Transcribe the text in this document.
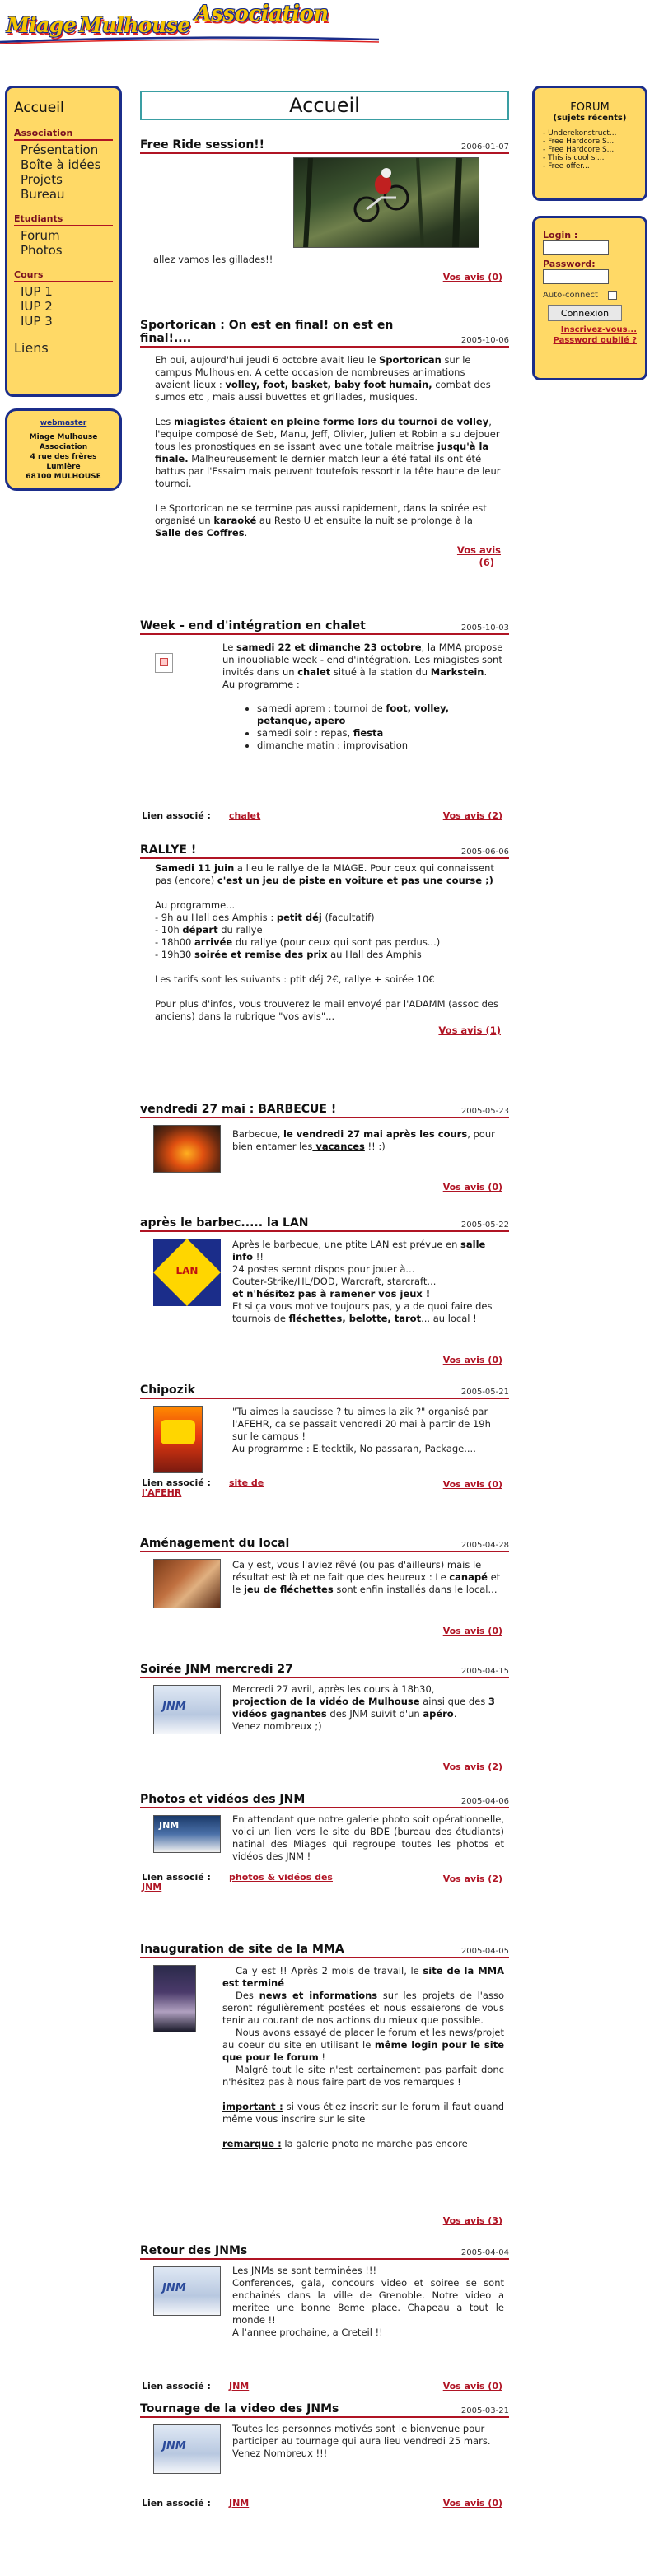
Miage Mulhouse Association
Accueil
Association
Présentation
Boîte à idées
Projets
Bureau
Etudiants
Forum
Photos
Cours
IUP 1
IUP 2
IUP 3
Liens
webmaster
Miage Mulhouse
Association
4 rue des frères Lumière
68100 MULHOUSE
Accueil
Free Ride session!!	2006-01-07
allez vamos les gillades!!
Vos avis (0)
Sportorican : On est en final! on est en final!....	2005-10-06

Eh oui, aujourd'hui jeudi 6 octobre avait lieu le Sportorican sur le campus Mulhousien. A cette occasion de nombreuses animations avaient lieux : volley, foot, basket, baby foot humain, combat des sumos etc , mais aussi buvettes et grillades, musiques.

Les miagistes étaient en pleine forme lors du tournoi de volley, l'equipe composé de Seb, Manu, Jeff, Olivier, Julien et Robin a su dejouer tous les pronostiques en se issant avec une totale maitrise jusqu'à la finale. Malheureusement le dernier match leur a été fatal ils ont été battus par l'Essaim mais peuvent toutefois ressortir la tête haute de leur tournoi.

Le Sportorican ne se termine pas aussi rapidement, dans la soirée est organisé un karaoké au Resto U et ensuite la nuit se prolonge à la Salle des Coffres.

Vos avis
(6)
Week - end d'intégration en chalet	2005-10-03

Le samedi 22 et dimanche 23 octobre, la MMA propose un inoubliable week - end d'intégration. Les miagistes sont invités dans un chalet situé à la station du Markstein.

Au programme :

• samedi aprem : tournoi de foot, volley, petanque, apero
• samedi soir : repas, fiesta
• dimanche matin : improvisation
Lien associé : chalet	Vos avis (2)
RALLYE !	2005-06-06

Samedi 11 juin a lieu le rallye de la MIAGE. Pour ceux qui connaissent pas (encore) c'est un jeu de piste en voiture et pas une course ;)

Au programme...

- 9h au Hall des Amphis : petit déj (facultatif)

- 10h départ du rallye

- 18h00 arrivée du rallye (pour ceux qui sont pas perdus...)

- 19h30 soirée et remise des prix au Hall des Amphis

Les tarifs sont les suivants : ptit déj 2€, rallye + soirée 10€

Pour plus d'infos, vous trouverez le mail envoyé par l'ADAMM (assoc des anciens) dans la rubrique "vos avis"...

Vos avis (1)
vendredi 27 mai : BARBECUE !	2005-05-23

Barbecue, le vendredi 27 mai après les cours, pour bien entamer les vacances !! :)

Vos avis (0)
après le barbec..... la LAN	2005-05-22
LAN

Après le barbecue, une ptite LAN est prévue en salle info !!

24 postes seront dispos pour jouer à...

Couter-Strike/HL/DOD, Warcraft, starcraft...

et n'hésitez pas à ramener vos jeux !

Et si ça vous motive toujours pas, y a de quoi faire des tournois de fléchettes, belotte, tarot... au local !

Vos avis (0)
Chipozik	2005-05-21

"Tu aimes la saucisse ? tu aimes la zik ?" organisé par l'AFEHR, ca se passait vendredi 20 mai à partir de 19h sur le campus !

Au programme : E.tecktik, No passaran, Package....

Lien associé :
l'AFEHR
site de	Vos avis (0)
Aménagement du local	2005-04-28

Ca y est, vous l'aviez rêvé (ou pas d'ailleurs) mais le résultat est là et ne fait que des heureux : Le canapé et le jeu de fléchettes sont enfin installés dans le local...

Vos avis (0)
Soirée JNM mercredi 27	2005-04-15
JNM

Mercredi 27 avril, après les cours à 18h30,

projection de la vidéo de Mulhouse ainsi que des 3 vidéos gagnantes des JNM suivit d'un apéro.

Venez nombreux ;)

Vos avis (2)
Photos et vidéos des JNM	2005-04-06
JNM

En attendant que notre galerie photo soit opérationnelle, voici un lien vers le site du BDE (bureau des étudiants) natinal des Miages qui regroupe toutes les photos et vidéos des JNM !

Lien associé :
JNM
photos & vidéos des	Vos avis (2)
Inauguration de site de la MMA	2005-04-05

Ca y est !! Après 2 mois de travail, le site de la MMA est terminé

Des news et informations sur les projets de l'asso seront régulièrement postées et nous essaierons de vous tenir au courant de nos actions du mieux que possible.

Nous avons essayé de placer le forum et les news/projet au coeur du site en utilisant le même login pour le site que pour le forum !

Malgré tout le site n'est certainement pas parfait donc n'hésitez pas à nous faire part de vos remarques !

important : si vous étiez inscrit sur le forum il faut quand même vous inscrire sur le site

remarque : la galerie photo ne marche pas encore

Vos avis (3)
Retour des JNMs	2005-04-04
JNM

Les JNMs se sont terminées !!!

Conferences, gala, concours video et soiree se sont enchainés dans la ville de Grenoble. Notre video a meritee une bonne 8eme place. Chapeau a tout le monde !!

A l'annee prochaine, a Creteil !!

Lien associé : JNM	Vos avis (0)
Tournage de la video des JNMs	2005-03-21
JNM

Toutes les personnes motivés sont le bienvenue pour participer au tournage qui aura lieu vendredi 25 mars. Venez Nombreux !!!

Lien associé : JNM	Vos avis (0)
FORUM
(sujets récents)
- Underekonstruct...
- Free Hardcore S...
- Free Hardcore S...
- This is cool si...
- Free offer...
Login :
Password:
Auto-connect
Connexion
Inscrivez-vous...
Password oublié ?
